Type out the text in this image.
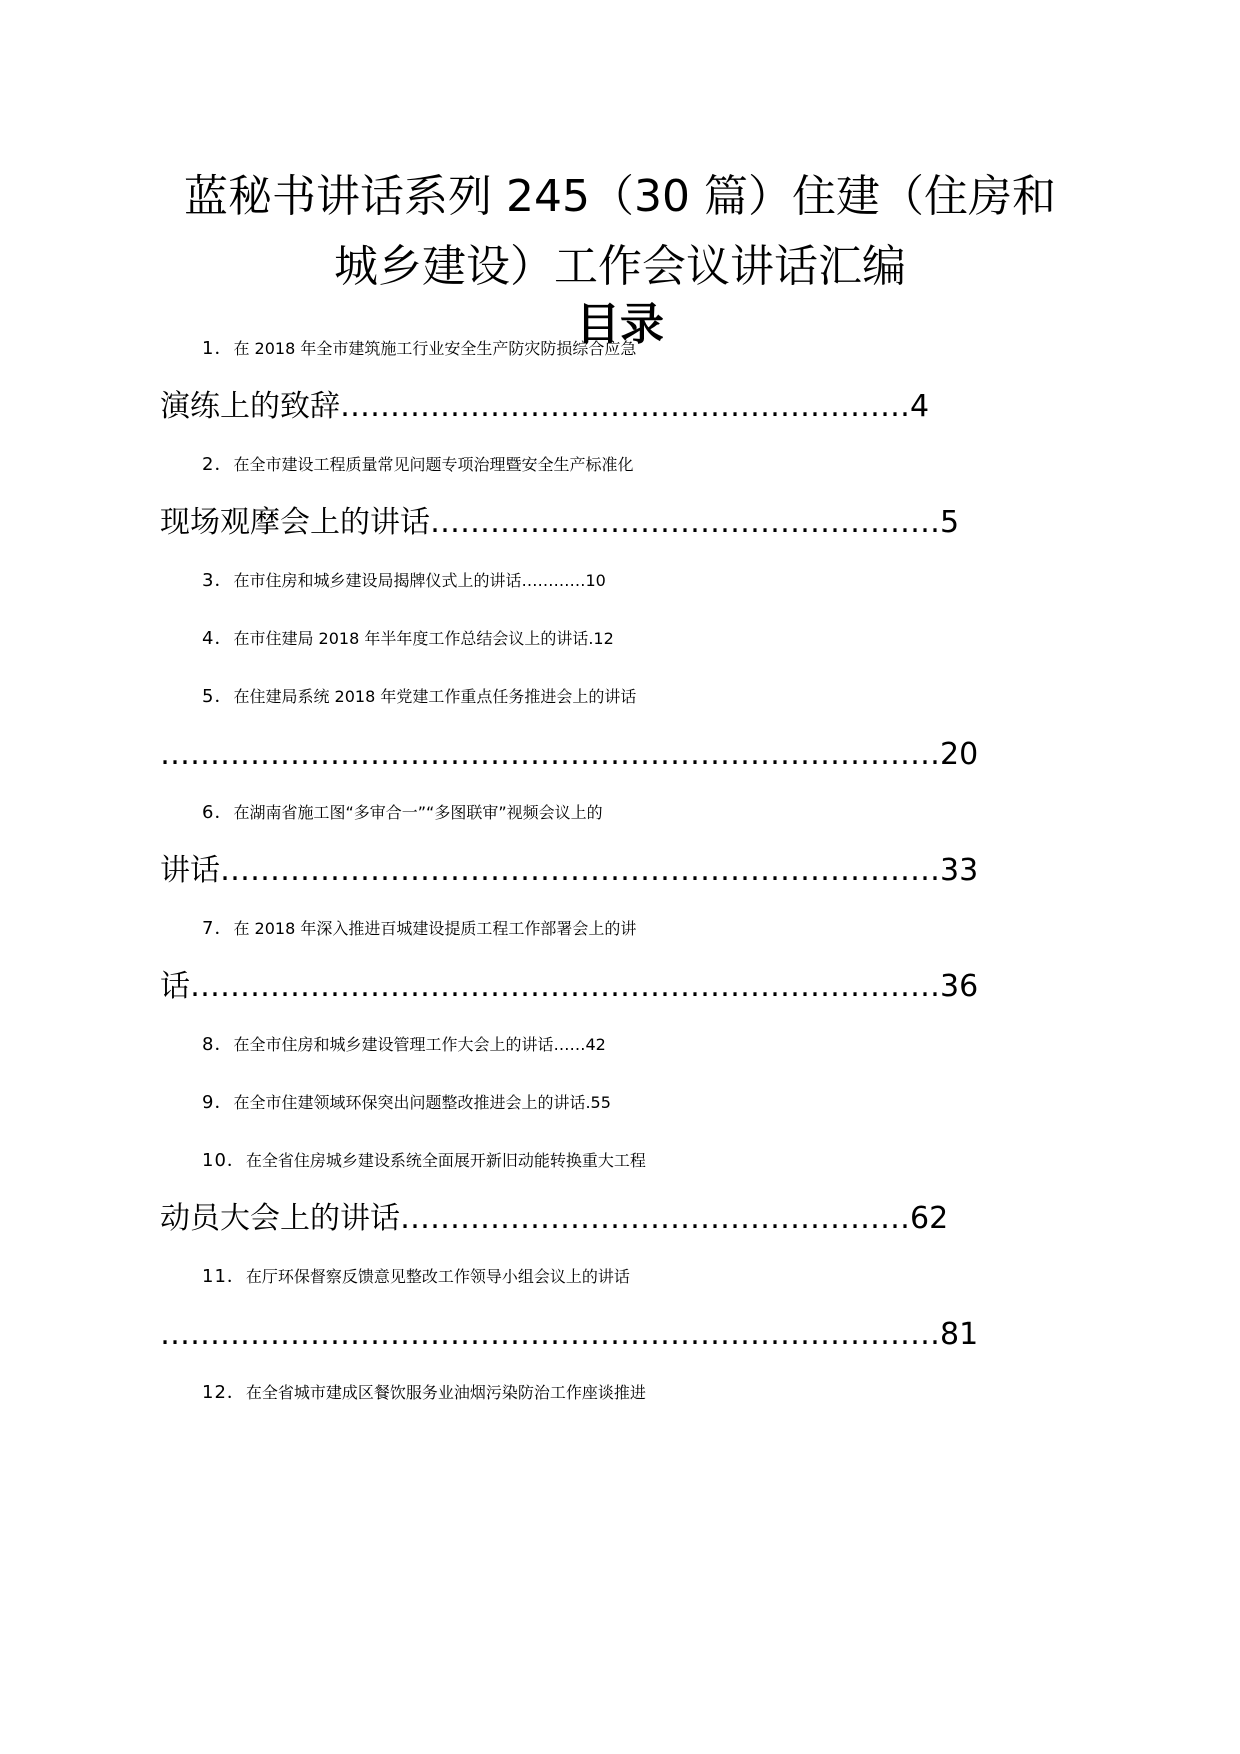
蓝秘书讲话系列 245（30 篇）住建（住房和
城乡建设）工作会议讲话汇编
目录
1．在 2018 年全市建筑施工行业安全生产防灾防损综合应急
演练上的致辞…………………………………………………4
2．在全市建设工程质量常见问题专项治理暨安全生产标准化
现场观摩会上的讲话……………………………………………5
3．在市住房和城乡建设局揭牌仪式上的讲话…………10
4．在市住建局 2018 年半年度工作总结会议上的讲话.12
5．在住建局系统 2018 年党建工作重点任务推进会上的讲话
……………………………………………………………………20
6．在湖南省施工图“多审合一”“多图联审”视频会议上的
讲话………………………………………………………………33
7．在 2018 年深入推进百城建设提质工程工作部署会上的讲
话…………………………………………………………………36
8．在全市住房和城乡建设管理工作大会上的讲话……42
9．在全市住建领域环保突出问题整改推进会上的讲话.55
10．在全省住房城乡建设系统全面展开新旧动能转换重大工程
动员大会上的讲话……………………………………………62
11．在厅环保督察反馈意见整改工作领导小组会议上的讲话
……………………………………………………………………81
12．在全省城市建成区餐饮服务业油烟污染防治工作座谈推进
